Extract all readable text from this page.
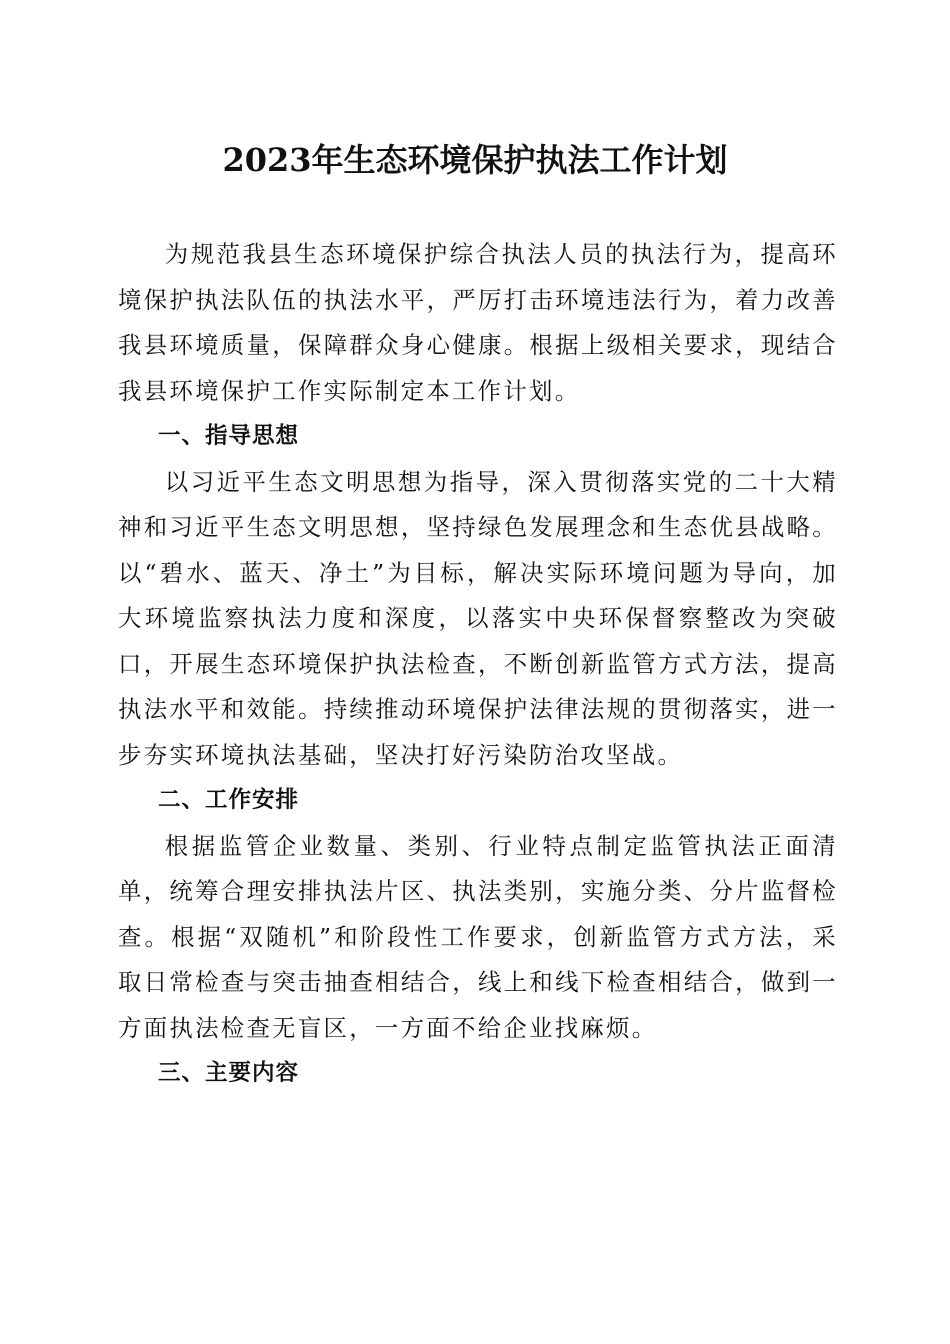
2023年生态环境保护执法工作计划

为规范我县生态环境保护综合执法人员的执法行为，提高环境保护执法队伍的执法水平，严厉打击环境违法行为，着力改善我县环境质量，保障群众身心健康。根据上级相关要求，现结合我县环境保护工作实际制定本工作计划。

一、指导思想

以习近平生态文明思想为指导，深入贯彻落实党的二十大精神和习近平生态文明思想，坚持绿色发展理念和生态优县战略。以“碧水、蓝天、净土”为目标，解决实际环境问题为导向，加大环境监察执法力度和深度，以落实中央环保督察整改为突破口，开展生态环境保护执法检查，不断创新监管方式方法，提高执法水平和效能。持续推动环境保护法律法规的贯彻落实，进一步夯实环境执法基础，坚决打好污染防治攻坚战。

二、工作安排

根据监管企业数量、类别、行业特点制定监管执法正面清单，统筹合理安排执法片区、执法类别，实施分类、分片监督检查。根据“双随机”和阶段性工作要求，创新监管方式方法，采取日常检查与突击抽查相结合，线上和线下检查相结合，做到一方面执法检查无盲区，一方面不给企业找麻烦。

三、主要内容
